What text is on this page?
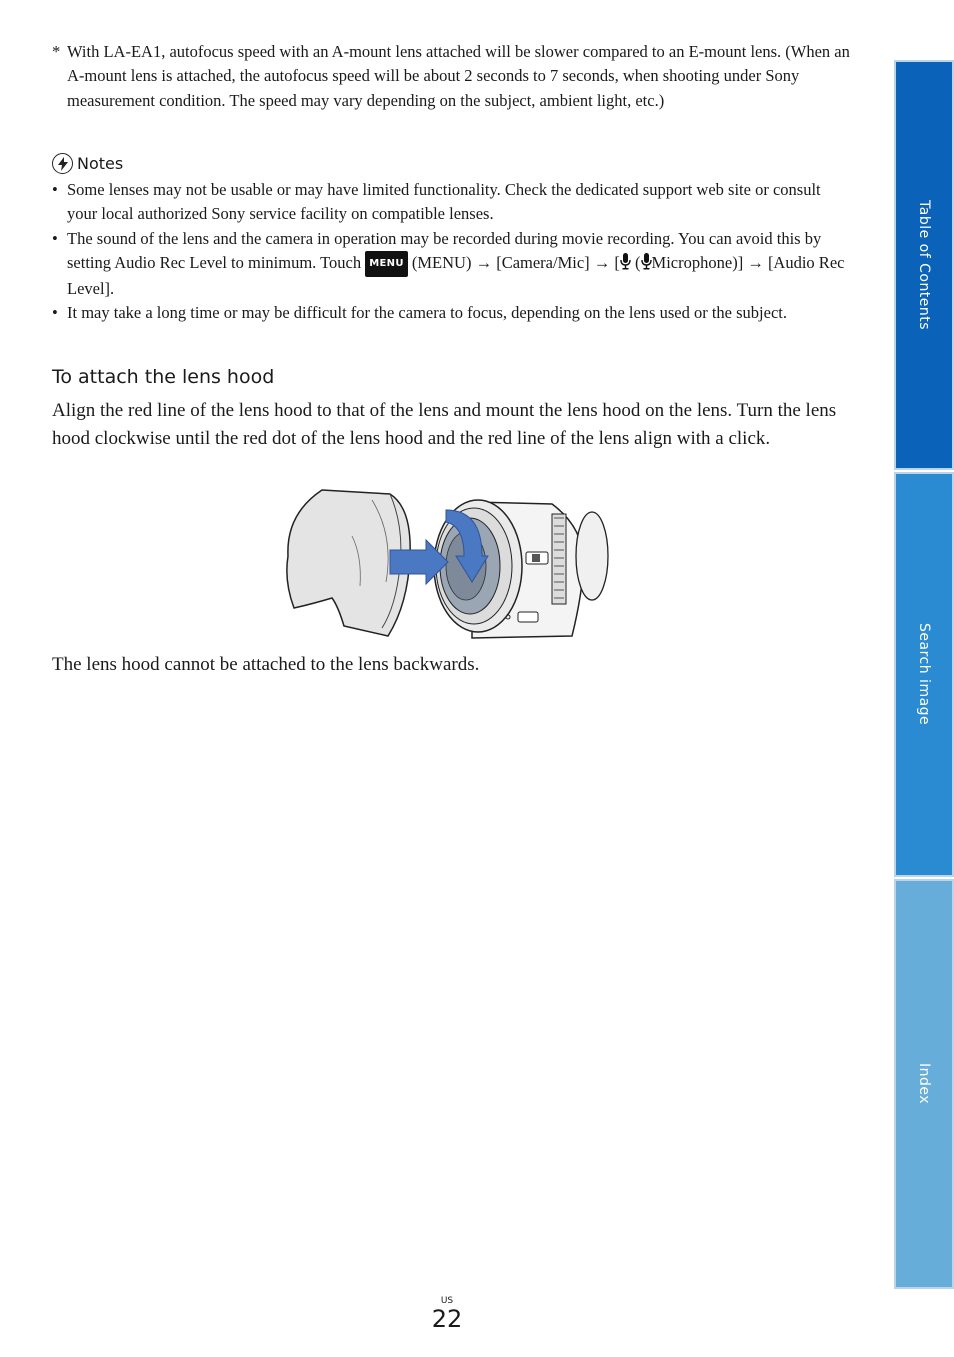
* With LA-EA1, autofocus speed with an A-mount lens attached will be slower compared to an E-mount lens. (When an A-mount lens is attached, the autofocus speed will be about 2 seconds to 7 seconds, when shooting under Sony measurement condition. The speed may vary depending on the subject, ambient light, etc.)
Notes
• Some lenses may not be usable or may have limited functionality. Check the dedicated support web site or consult your local authorized Sony service facility on compatible lenses.
• The sound of the lens and the camera in operation may be recorded during movie recording. You can avoid this by setting Audio Rec Level to minimum. Touch MENU (MENU) → [Camera/Mic] → [ ( Microphone)] → [Audio Rec Level].
• It may take a long time or may be difficult for the camera to focus, depending on the lens used or the subject.
To attach the lens hood
Align the red line of the lens hood to that of the lens and mount the lens hood on the lens. Turn the lens hood clockwise until the red dot of the lens hood and the red line of the lens align with a click.
The lens hood cannot be attached to the lens backwards.
US
22
Table of Contents
Search image
Index
